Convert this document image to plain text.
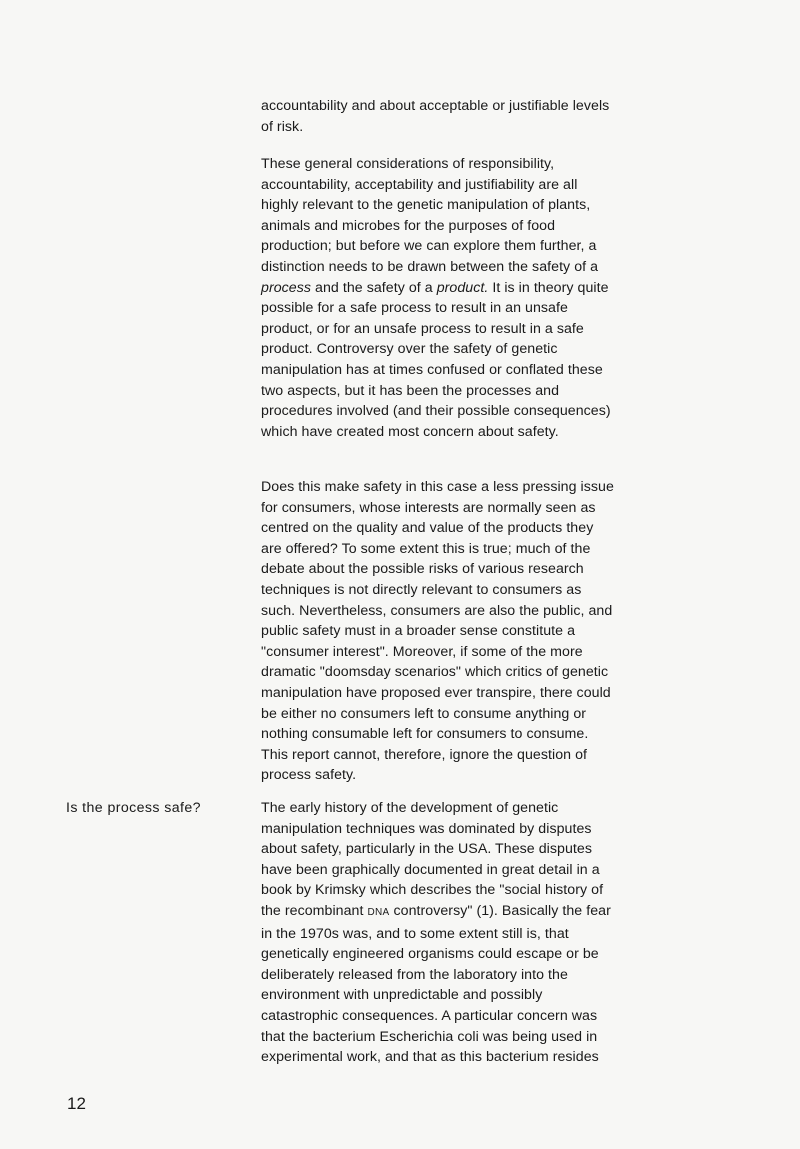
accountability and about acceptable or justifiable levels of risk.

These general considerations of responsibility, accountability, acceptability and justifiability are all highly relevant to the genetic manipulation of plants, animals and microbes for the purposes of food production; but before we can explore them further, a distinction needs to be drawn between the safety of a process and the safety of a product. It is in theory quite possible for a safe process to result in an unsafe product, or for an unsafe process to result in a safe product. Controversy over the safety of genetic manipulation has at times confused or conflated these two aspects, but it has been the processes and procedures involved (and their possible consequences) which have created most concern about safety.

Does this make safety in this case a less pressing issue for consumers, whose interests are normally seen as centred on the quality and value of the products they are offered? To some extent this is true; much of the debate about the possible risks of various research techniques is not directly relevant to consumers as such. Nevertheless, consumers are also the public, and public safety must in a broader sense constitute a "consumer interest". Moreover, if some of the more dramatic "doomsday scenarios" which critics of genetic manipulation have proposed ever transpire, there could be either no consumers left to consume anything or nothing consumable left for consumers to consume. This report cannot, therefore, ignore the question of process safety.

Is the process safe?	The early history of the development of genetic manipulation techniques was dominated by disputes about safety, particularly in the USA. These disputes have been graphically documented in great detail in a book by Krimsky which describes the "social history of the recombinant DNA controversy" (1). Basically the fear in the 1970s was, and to some extent still is, that genetically engineered organisms could escape or be deliberately released from the laboratory into the environment with unpredictable and possibly catastrophic consequences. A particular concern was that the bacterium Escherichia coli was being used in experimental work, and that as this bacterium resides

12
